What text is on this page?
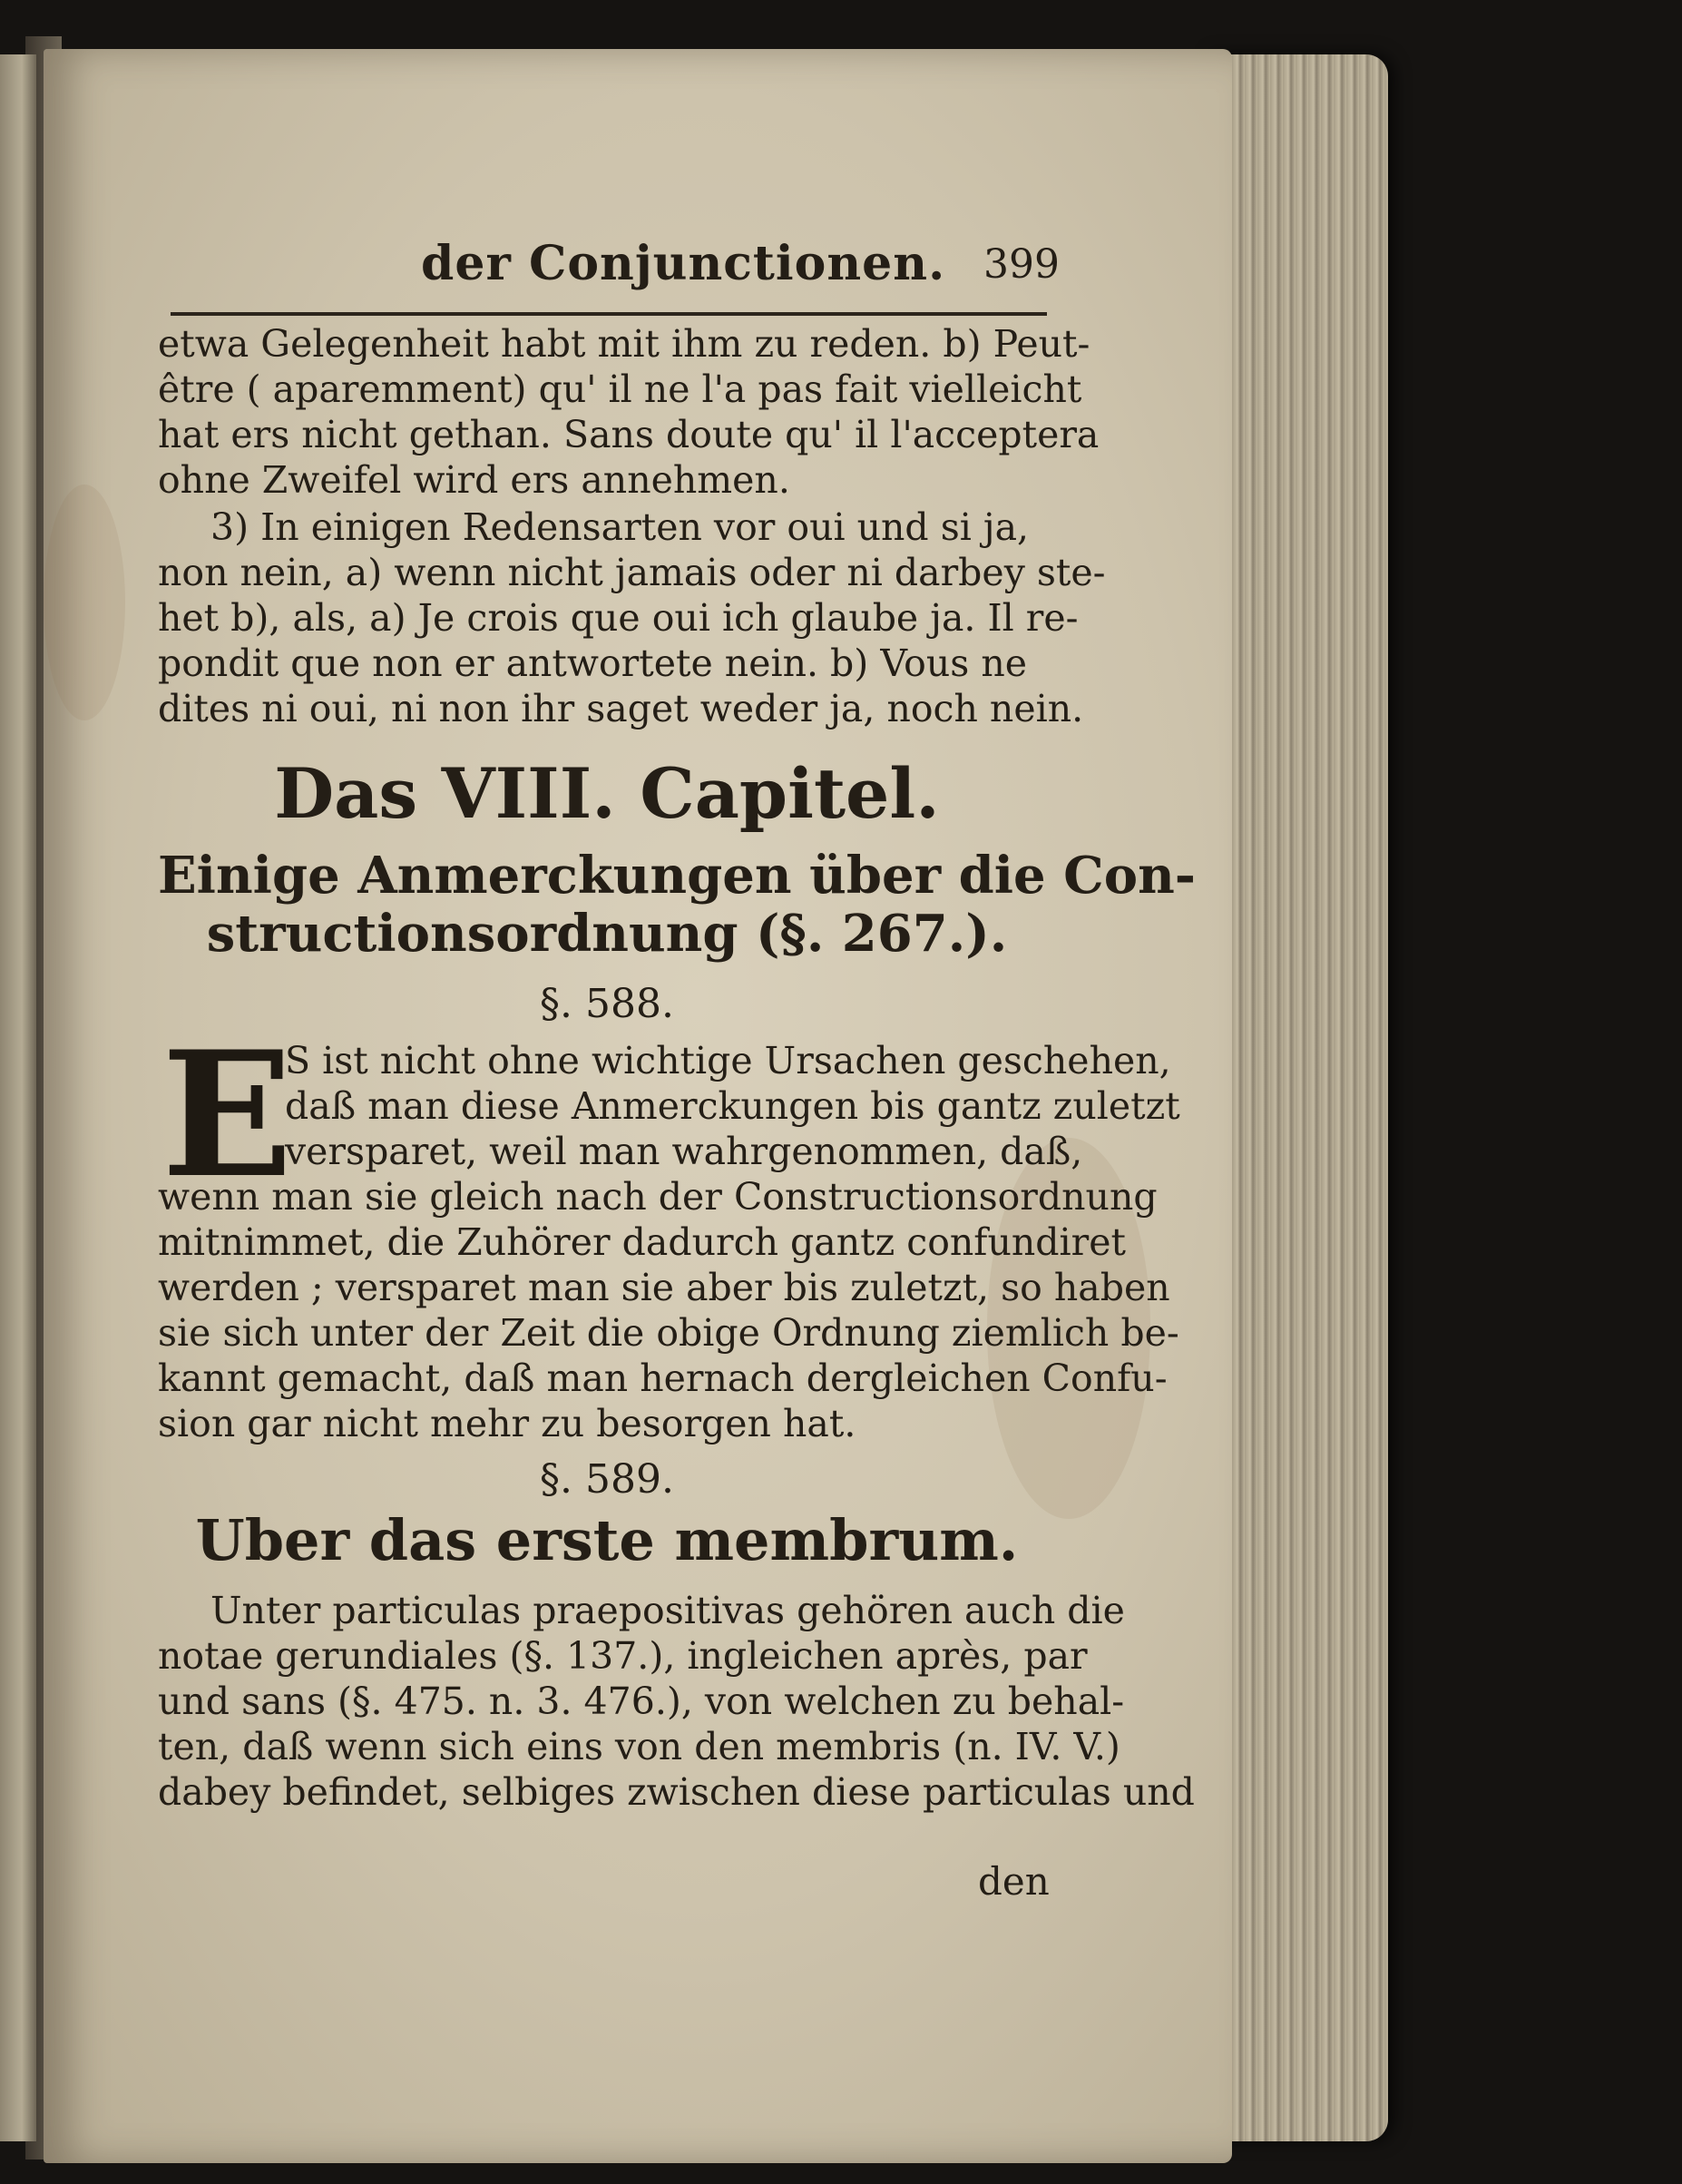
der Conjunctionen. 399
etwa Gelegenheit habt mit ihm zu reden. b) Peut-
être ( aparemment) qu' il ne l'a pas fait vielleicht
hat ers nicht gethan. Sans doute qu' il l'acceptera
ohne Zweifel wird ers annehmen.
3) In einigen Redensarten vor oui und si ja,
non nein, a) wenn nicht jamais oder ni darbey ste-
het b), als, a) Je crois que oui ich glaube ja. Il re-
pondit que non er antwortete nein. b) Vous ne
dites ni oui, ni non ihr saget weder ja, noch nein.
Das VIII. Capitel.
Einige Anmerckungen über die Con-
structionsordnung (§. 267.).
§. 588.
E
S ist nicht ohne wichtige Ursachen geschehen,
daß man diese Anmerckungen bis gantz zuletzt
versparet, weil man wahrgenommen, daß,
wenn man sie gleich nach der Constructionsordnung
mitnimmet, die Zuhörer dadurch gantz confundiret
werden ; versparet man sie aber bis zuletzt, so haben
sie sich unter der Zeit die obige Ordnung ziemlich be-
kannt gemacht, daß man hernach dergleichen Confu-
sion gar nicht mehr zu besorgen hat.
§. 589.
Uber das erste membrum.
Unter particulas praepositivas gehören auch die
notae gerundiales (§. 137.), ingleichen après, par
und sans (§. 475. n. 3. 476.), von welchen zu behal-
ten, daß wenn sich eins von den membris (n. IV. V.)
dabey befindet, selbiges zwischen diese particulas und
den
